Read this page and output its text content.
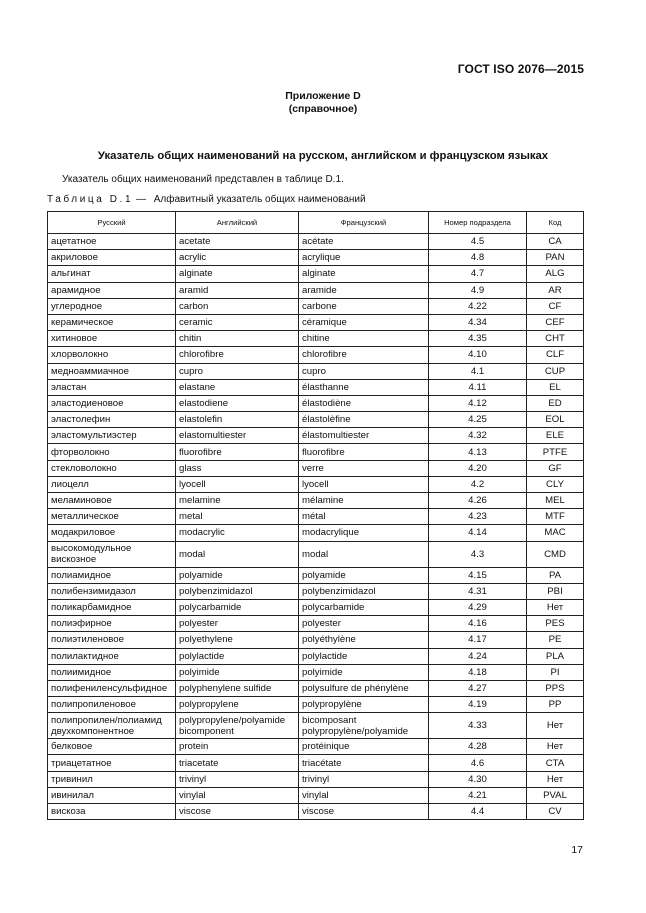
ГОСТ ISO 2076—2015
Приложение D
(справочное)
Указатель общих наименований на русском, английском и французском языках
Указатель общих наименований представлен в таблице D.1.
Таблица D.1 — Алфавитный указатель общих наименований
Русский	Английский	Французский	Номер подраздела	Код
ацетатное	acetate	acétate	4.5	CA
акриловое	acrylic	acrylique	4.8	PAN
альгинат	alginate	alginate	4.7	ALG
арамидное	aramid	aramide	4.9	AR
углеродное	carbon	carbone	4.22	CF
керамическое	ceramic	céramique	4.34	CEF
хитиновое	chitin	chitine	4.35	CHT
хлорволокно	chlorofibre	chlorofibre	4.10	CLF
медноаммиачное	cupro	cupro	4.1	CUP
эластан	elastane	élasthanne	4.11	EL
эластодиеновое	elastodiene	élastodiène	4.12	ED
эластолефин	elastolefin	élastolèfine	4.25	EOL
эластомультиэстер	elastomultiester	élastomultiester	4.32	ELE
фторволокно	fluorofibre	fluorofibre	4.13	PTFE
стекловолокно	glass	verre	4.20	GF
лиоцелл	lyocell	lyocell	4.2	CLY
меламиновое	melamine	mélamine	4.26	MEL
металлическое	metal	métal	4.23	MTF
модакриловое	modacrylic	modacrylique	4.14	MAC
высокомодульное вискозное	modal	modal	4.3	CMD
полиамидное	polyamide	polyamide	4.15	PA
полибензимидазол	polybenzimidazol	polybenzimidazol	4.31	PBI
поликарбамидное	polycarbamide	polycarbamide	4.29	Нет
полиэфирное	polyester	polyester	4.16	PES
полиэтиленовое	polyethylene	polyéthylène	4.17	PE
полилактидное	polylactide	polylactide	4.24	PLA
полиимидное	polyimide	polyimide	4.18	PI
полифениленсульфидное	polyphenylene sulfide	polysulfure de phénylène	4.27	PPS
полипропиленовое	polypropylene	polypropylène	4.19	PP
полипропилен/полиамид двухкомпонентное	polypropylene/polyamide bicomponent	bicomposant polypropylène/polyamide	4.33	Нет
белковое	protein	protéinique	4.28	Нет
триацетатное	triacetate	triacétate	4.6	CTA
тривинил	trivinyl	trivinyl	4.30	Нет
ивинилал	vinylal	vinylal	4.21	PVAL
вискоза	viscose	viscose	4.4	CV
17
